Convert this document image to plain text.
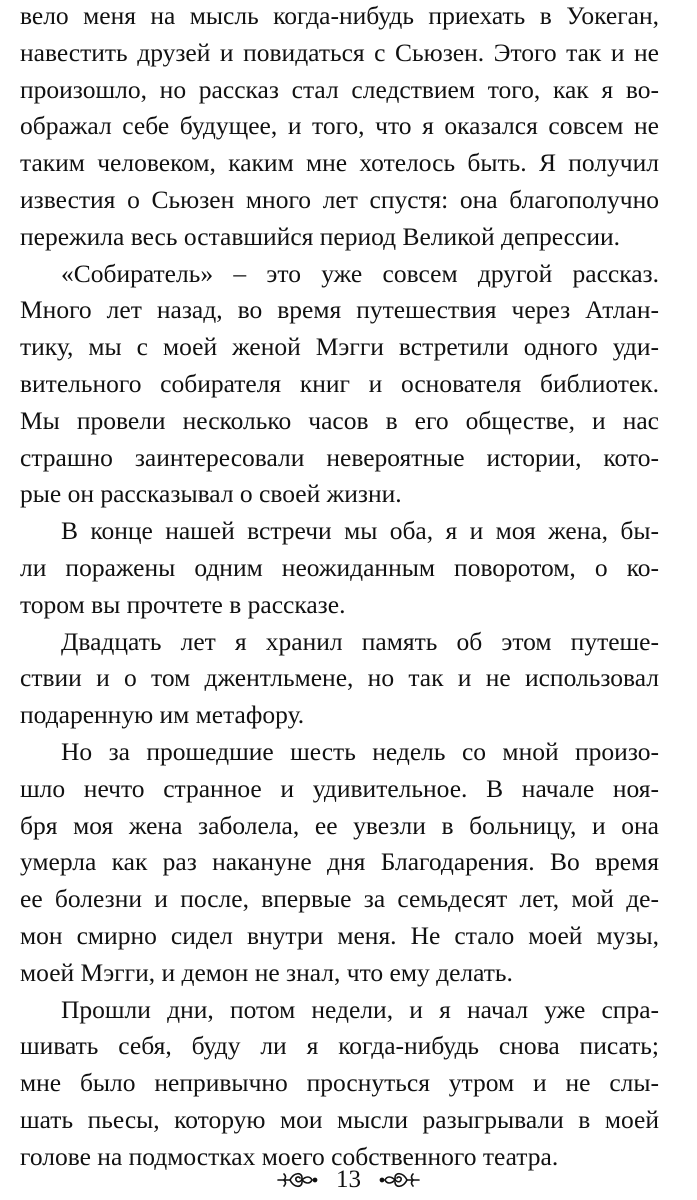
вело меня на мысль когда-нибудь приехать в Уокеган,
навестить друзей и повидаться с Сьюзен. Этого так и не
произошло, но рассказ стал следствием того, как я во-
ображал себе будущее, и того, что я оказался совсем не
таким человеком, каким мне хотелось быть. Я получил
известия о Сьюзен много лет спустя: она благополучно
пережила весь оставшийся период Великой депрессии.
«Собиратель» – это уже совсем другой рассказ.
Много лет назад, во время путешествия через Атлан-
тику, мы с моей женой Мэгги встретили одного уди-
вительного собирателя книг и основателя библиотек.
Мы провели несколько часов в его обществе, и нас
страшно заинтересовали невероятные истории, кото-
рые он рассказывал о своей жизни.
В конце нашей встречи мы оба, я и моя жена, бы-
ли поражены одним неожиданным поворотом, о ко-
тором вы прочтете в рассказе.
Двадцать лет я хранил память об этом путеше-
ствии и о том джентльмене, но так и не использовал
подаренную им метафору.
Но за прошедшие шесть недель со мной произо-
шло нечто странное и удивительное. В начале ноя-
бря моя жена заболела, ее увезли в больницу, и она
умерла как раз накануне дня Благодарения. Во время
ее болезни и после, впервые за семьдесят лет, мой де-
мон смирно сидел внутри меня. Не стало моей музы,
моей Мэгги, и демон не знал, что ему делать.
Прошли дни, потом недели, и я начал уже спра-
шивать себя, буду ли я когда-нибудь снова писать;
мне было непривычно проснуться утром и не слы-
шать пьесы, которую мои мысли разыгрывали в моей
голове на подмостках моего собственного театра.
13
